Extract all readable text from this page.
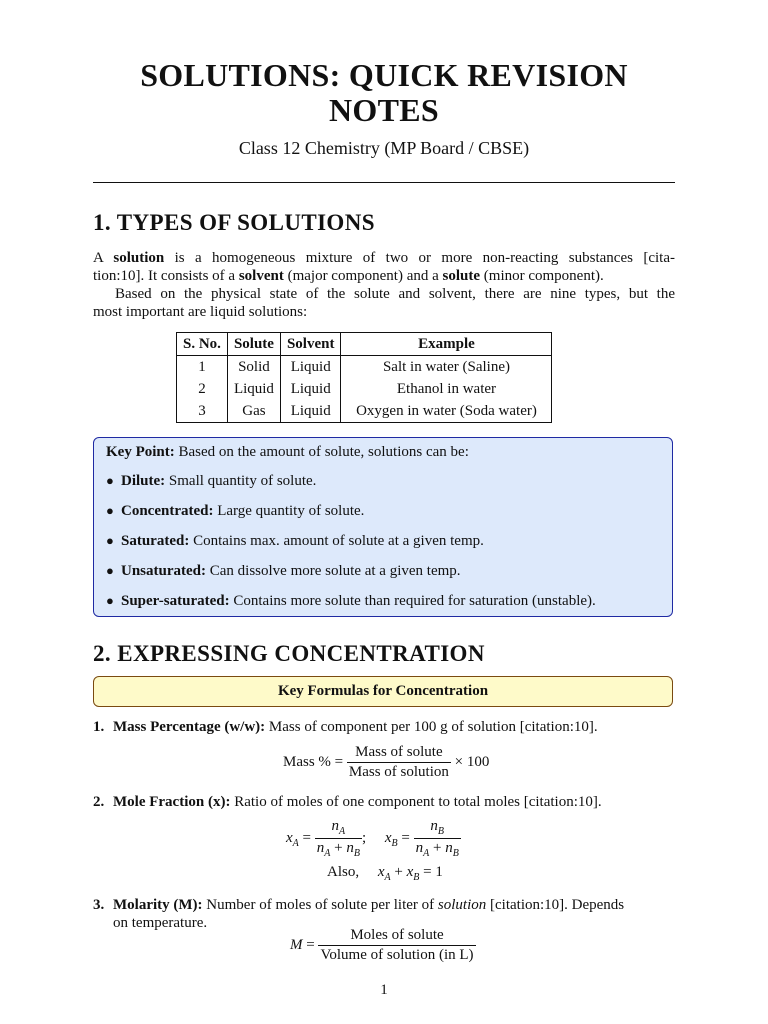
SOLUTIONS: QUICK REVISION
NOTES
Class 12 Chemistry (MP Board / CBSE)
1. TYPES OF SOLUTIONS
A solution is a homogeneous mixture of two or more non-reacting substances [cita-
tion:10]. It consists of a solvent (major component) and a solute (minor component).
Based on the physical state of the solute and solvent, there are nine types, but the
most important are liquid solutions:
S. No.	Solute	Solvent	Example
1	Solid	Liquid	Salt in water (Saline)
2	Liquid	Liquid	Ethanol in water
3	Gas	Liquid	Oxygen in water (Soda water)
Key Point: Based on the amount of solute, solutions can be:
● Dilute: Small quantity of solute.
● Concentrated: Large quantity of solute.
● Saturated: Contains max. amount of solute at a given temp.
● Unsaturated: Can dissolve more solute at a given temp.
● Super-saturated: Contains more solute than required for saturation (unstable).
2. EXPRESSING CONCENTRATION
Key Formulas for Concentration
1. Mass Percentage (w/w): Mass of component per 100 g of solution [citation:10].
Mass % = $\frac{\text{Mass of solute}}{\text{Mass of solution}} \times 100$
2. Mole Fraction (x): Ratio of moles of one component to total moles [citation:10].
$x_A = \frac{n_A}{n_A + n_B}$ ;     $x_B = \frac{n_B}{n_A + n_B}$
Also, $x_A + x_B = 1$
3. Molarity (M): Number of moles of solute per liter of solution [citation:10]. Depends
on temperature.
$M = \frac{\text{Moles of solute}}{\text{Volume of solution (in L)}}$
1
